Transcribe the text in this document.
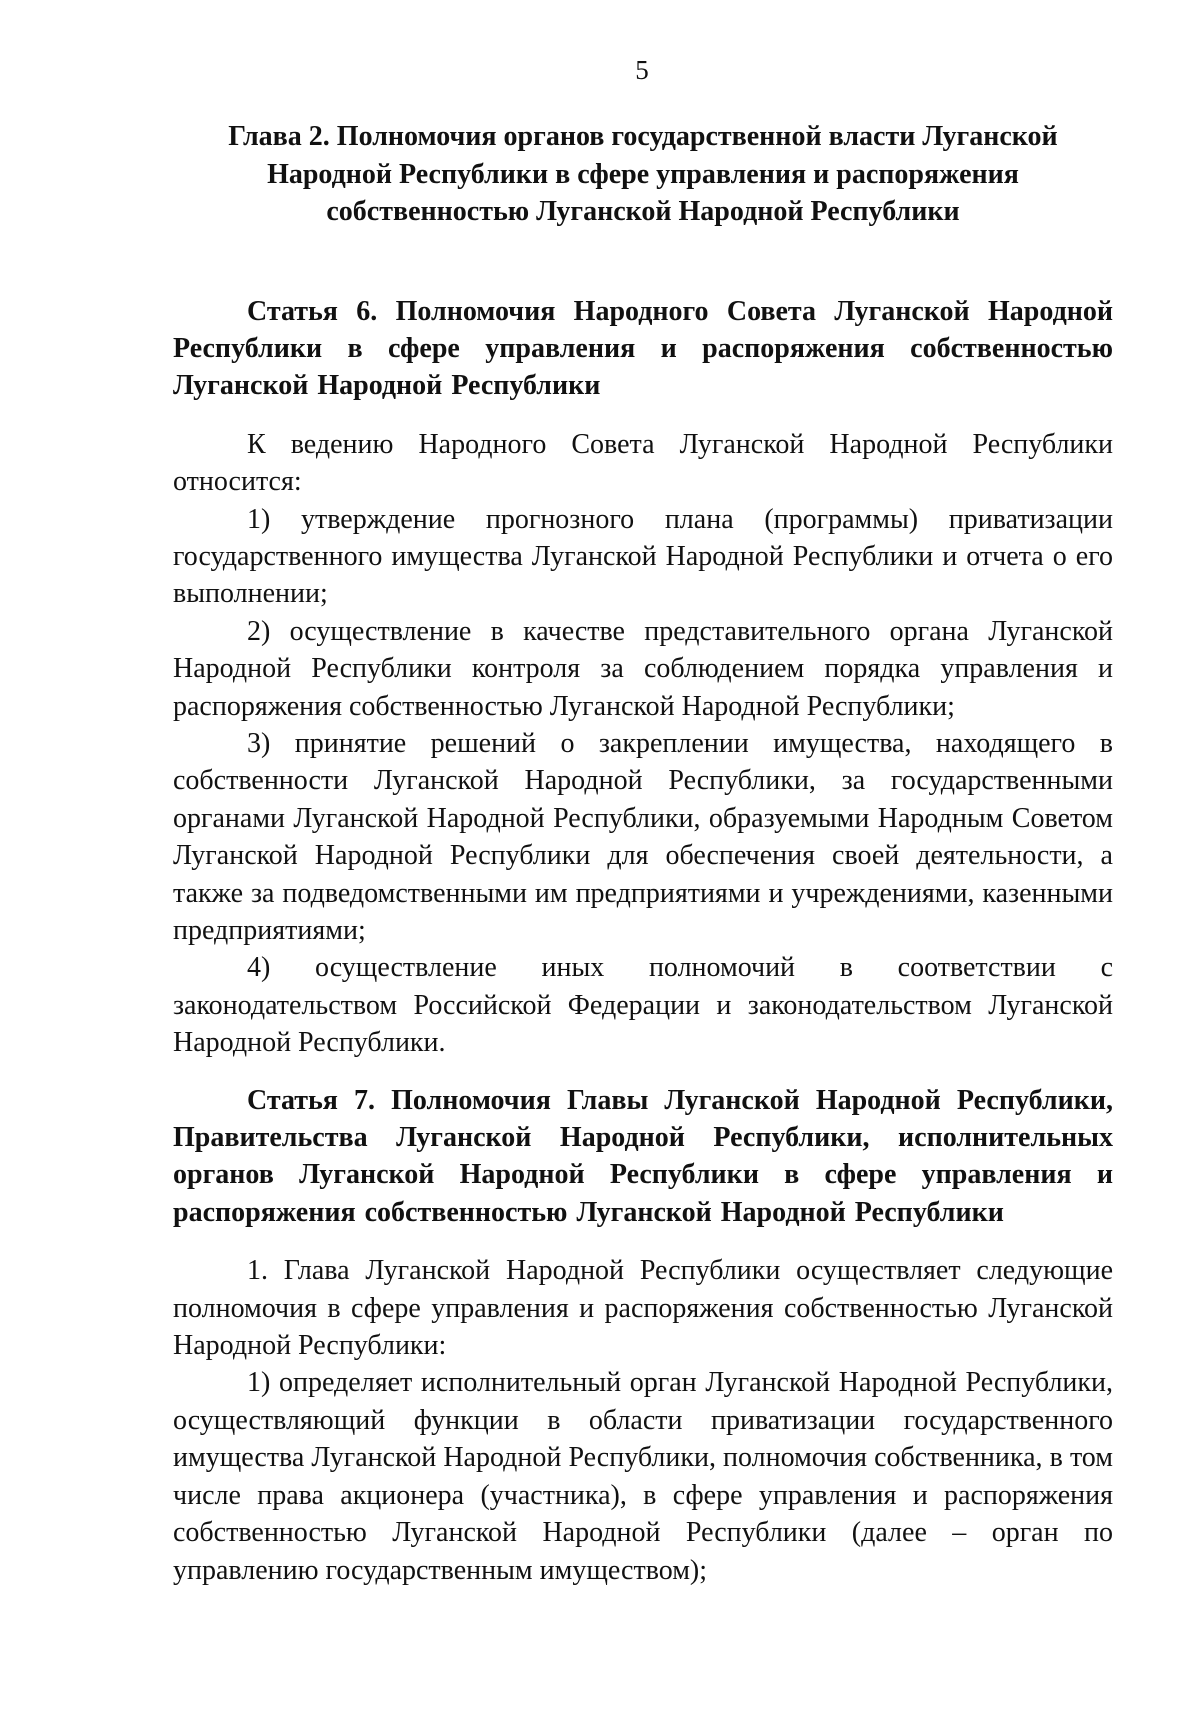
5

Глава 2. Полномочия органов государственной власти Луганской Народной Республики в сфере управления и распоряжения собственностью Луганской Народной Республики

Статья 6. Полномочия Народного Совета Луганской Народной Республики в сфере управления и распоряжения собственностью Луганской Народной Республики

К ведению Народного Совета Луганской Народной Республики относится:

1) утверждение прогнозного плана (программы) приватизации государственного имущества Луганской Народной Республики и отчета о его выполнении;

2) осуществление в качестве представительного органа Луганской Народной Республики контроля за соблюдением порядка управления и распоряжения собственностью Луганской Народной Республики;

3) принятие решений о закреплении имущества, находящего в собственности Луганской Народной Республики, за государственными органами Луганской Народной Республики, образуемыми Народным Советом Луганской Народной Республики для обеспечения своей деятельности, а также за подведомственными им предприятиями и учреждениями, казенными предприятиями;

4) осуществление иных полномочий в соответствии с законодательством Российской Федерации и законодательством Луганской Народной Республики.

Статья 7. Полномочия Главы Луганской Народной Республики, Правительства Луганской Народной Республики, исполнительных органов Луганской Народной Республики в сфере управления и распоряжения собственностью Луганской Народной Республики

1. Глава Луганской Народной Республики осуществляет следующие полномочия в сфере управления и распоряжения собственностью Луганской Народной Республики:

1) определяет исполнительный орган Луганской Народной Республики, осуществляющий функции в области приватизации государственного имущества Луганской Народной Республики, полномочия собственника, в том числе права акционера (участника), в сфере управления и распоряжения собственностью Луганской Народной Республики (далее – орган по управлению государственным имуществом);
